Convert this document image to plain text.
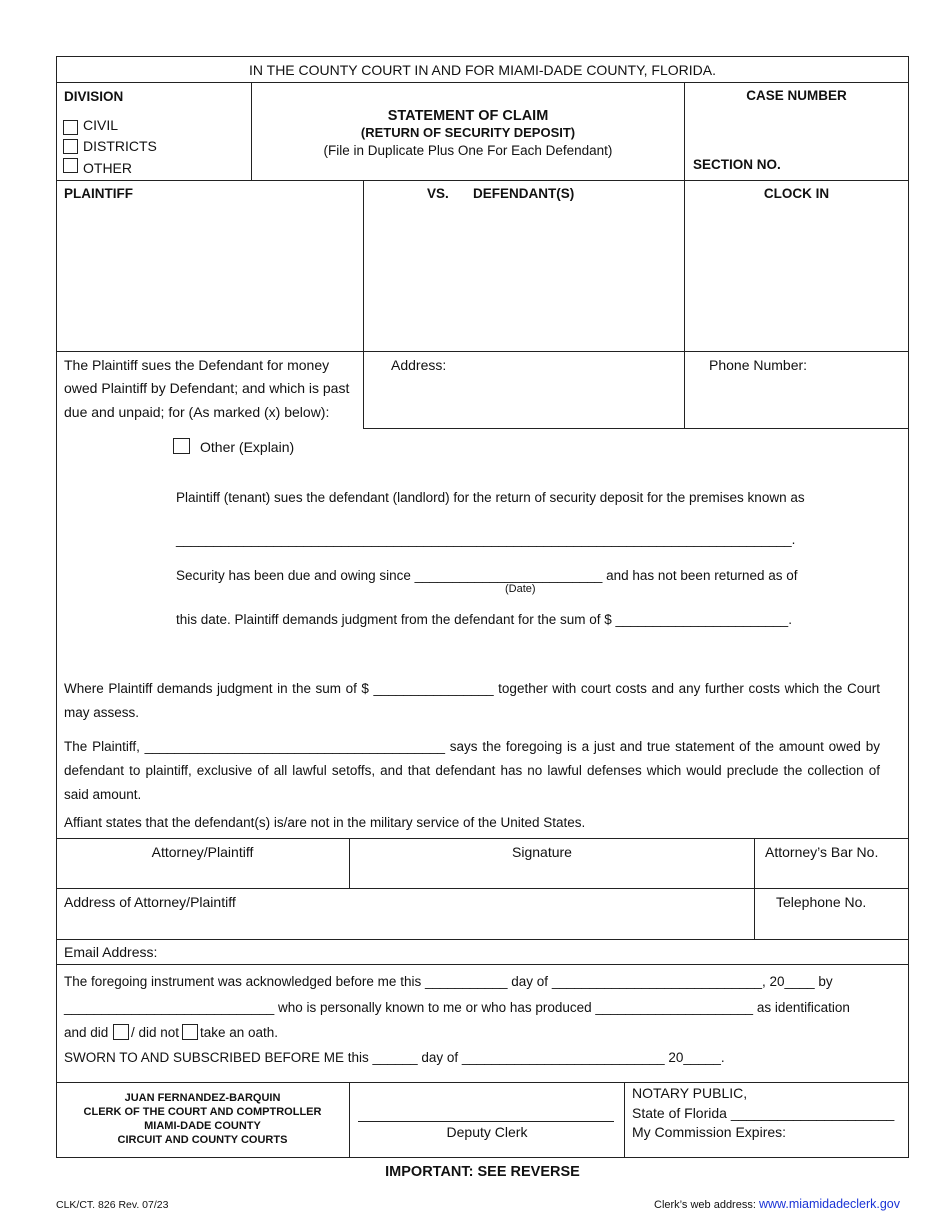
IN THE COUNTY COURT IN AND FOR MIAMI-DADE COUNTY, FLORIDA.
DIVISION
CIVIL
DISTRICTS
OTHER
STATEMENT OF CLAIM
(RETURN OF SECURITY DEPOSIT)
(File in Duplicate Plus One For Each Defendant)
CASE NUMBER
SECTION NO.
PLAINTIFF	VS. DEFENDANT(S)	CLOCK IN
The Plaintiff sues the Defendant for money
owed Plaintiff by Defendant; and which is past
due and unpaid; for (As marked (x) below):
Address:	Phone Number:
Other (Explain)
Plaintiff (tenant) sues the defendant (landlord) for the return of security deposit for the premises known as
__________________________________________________________________________________.
Security has been due and owing since _________________________ and has not been returned as of
(Date)
this date. Plaintiff demands judgment from the defendant for the sum of $ _______________________.
Where Plaintiff demands judgment in the sum of $ ________________ together with court costs and any further costs which the Court may assess.
The Plaintiff, ________________________________________ says the foregoing is a just and true statement of the amount owed by defendant to plaintiff, exclusive of all lawful setoffs, and that defendant has no lawful defenses which would preclude the collection of said amount.
Affiant states that the defendant(s) is/are not in the military service of the United States.
Attorney/Plaintiff	Signature	Attorney’s Bar No.
Address of Attorney/Plaintiff	Telephone No.
Email Address:
The foregoing instrument was acknowledged before me this ___________ day of ____________________________, 20____ by
____________________________ who is personally known to me or who has produced _____________________ as identification
and did / did not take an oath.
SWORN TO AND SUBSCRIBED BEFORE ME this ______ day of ___________________________ 20_____.
JUAN FERNANDEZ-BARQUIN
CLERK OF THE COURT AND COMPTROLLER
MIAMI-DADE COUNTY
CIRCUIT AND COUNTY COURTS	Deputy Clerk
NOTARY PUBLIC,
State of Florida _____________________
My Commission Expires:
IMPORTANT: SEE REVERSE
CLK/CT. 826 Rev. 07/23	Clerk’s web address: www.miamidadeclerk.gov
